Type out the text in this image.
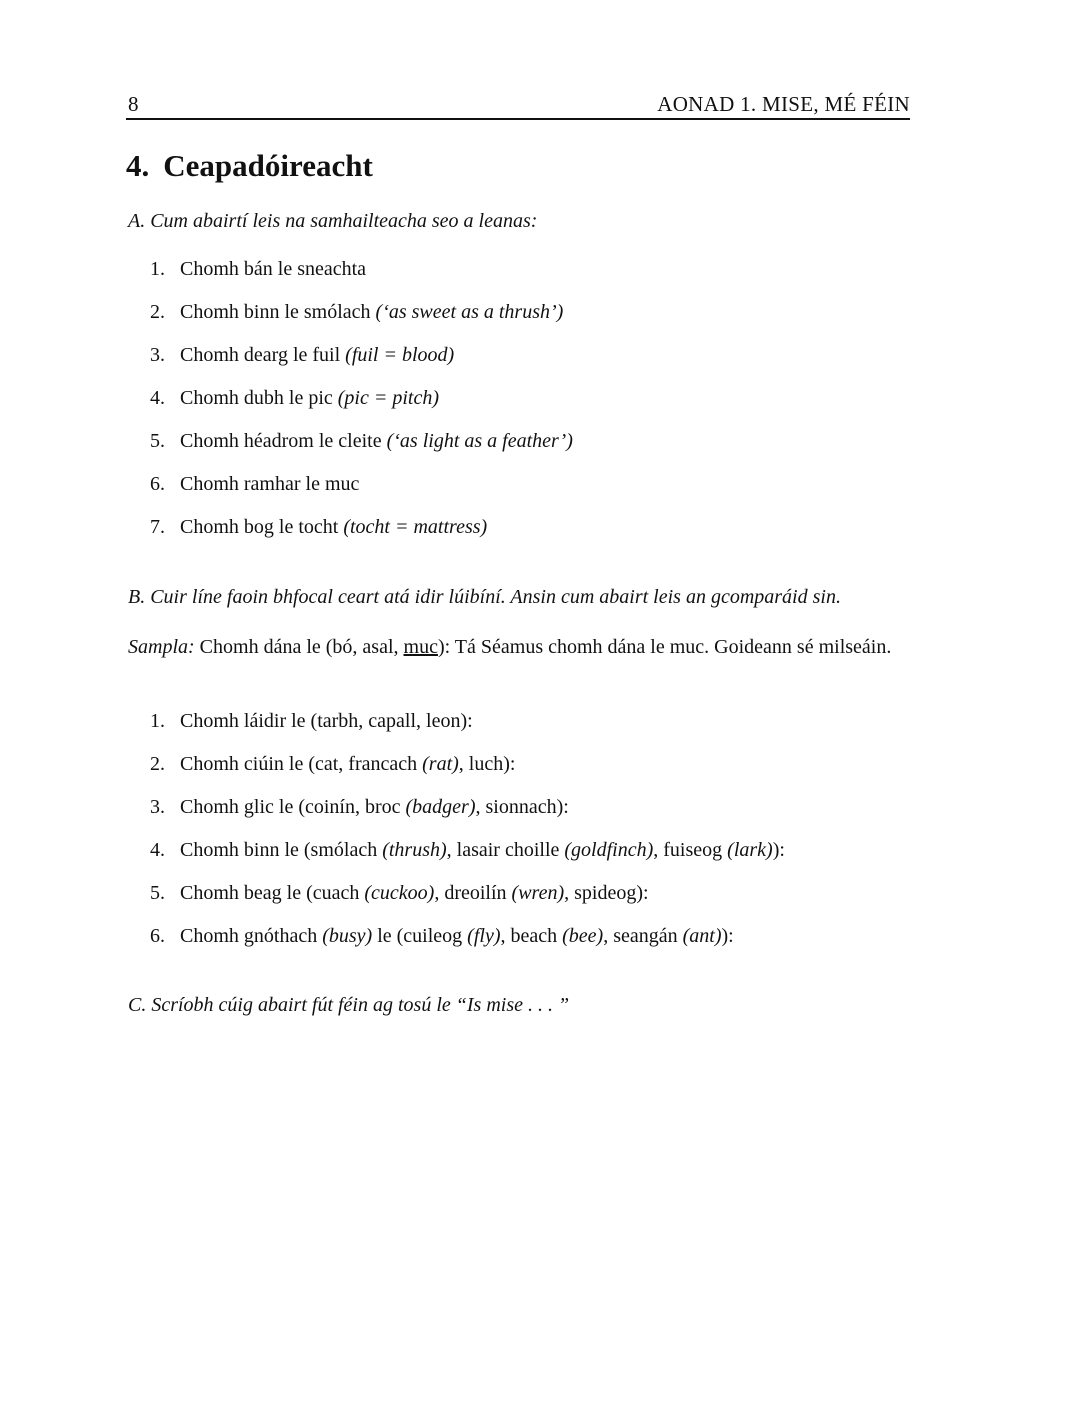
8	AONAD 1. MISE, MÉ FÉIN
4. Ceapadóireacht
A. Cum abairtí leis na samhailteacha seo a leanas:
1. Chomh bán le sneachta
2. Chomh binn le smólach (‘as sweet as a thrush’)
3. Chomh dearg le fuil (fuil = blood)
4. Chomh dubh le pic (pic = pitch)
5. Chomh héadrom le cleite (‘as light as a feather’)
6. Chomh ramhar le muc
7. Chomh bog le tocht (tocht = mattress)
B. Cuir líne faoin bhfocal ceart atá idir lúibíní. Ansin cum abairt leis an gcomparáid sin.
Sampla: Chomh dána le (bó, asal, muc): Tá Séamus chomh dána le muc. Goideann sé milseáin.
1. Chomh láidir le (tarbh, capall, leon):
2. Chomh ciúin le (cat, francach (rat), luch):
3. Chomh glic le (coinín, broc (badger), sionnach):
4. Chomh binn le (smólach (thrush), lasair choille (goldfinch), fuiseog (lark)):
5. Chomh beag le (cuach (cuckoo), dreoilín (wren), spideog):
6. Chomh gnóthach (busy) le (cuileog (fly), beach (bee), seangán (ant)):
C. Scríobh cúig abairt fút féin ag tosú le “Is mise . . . ”
